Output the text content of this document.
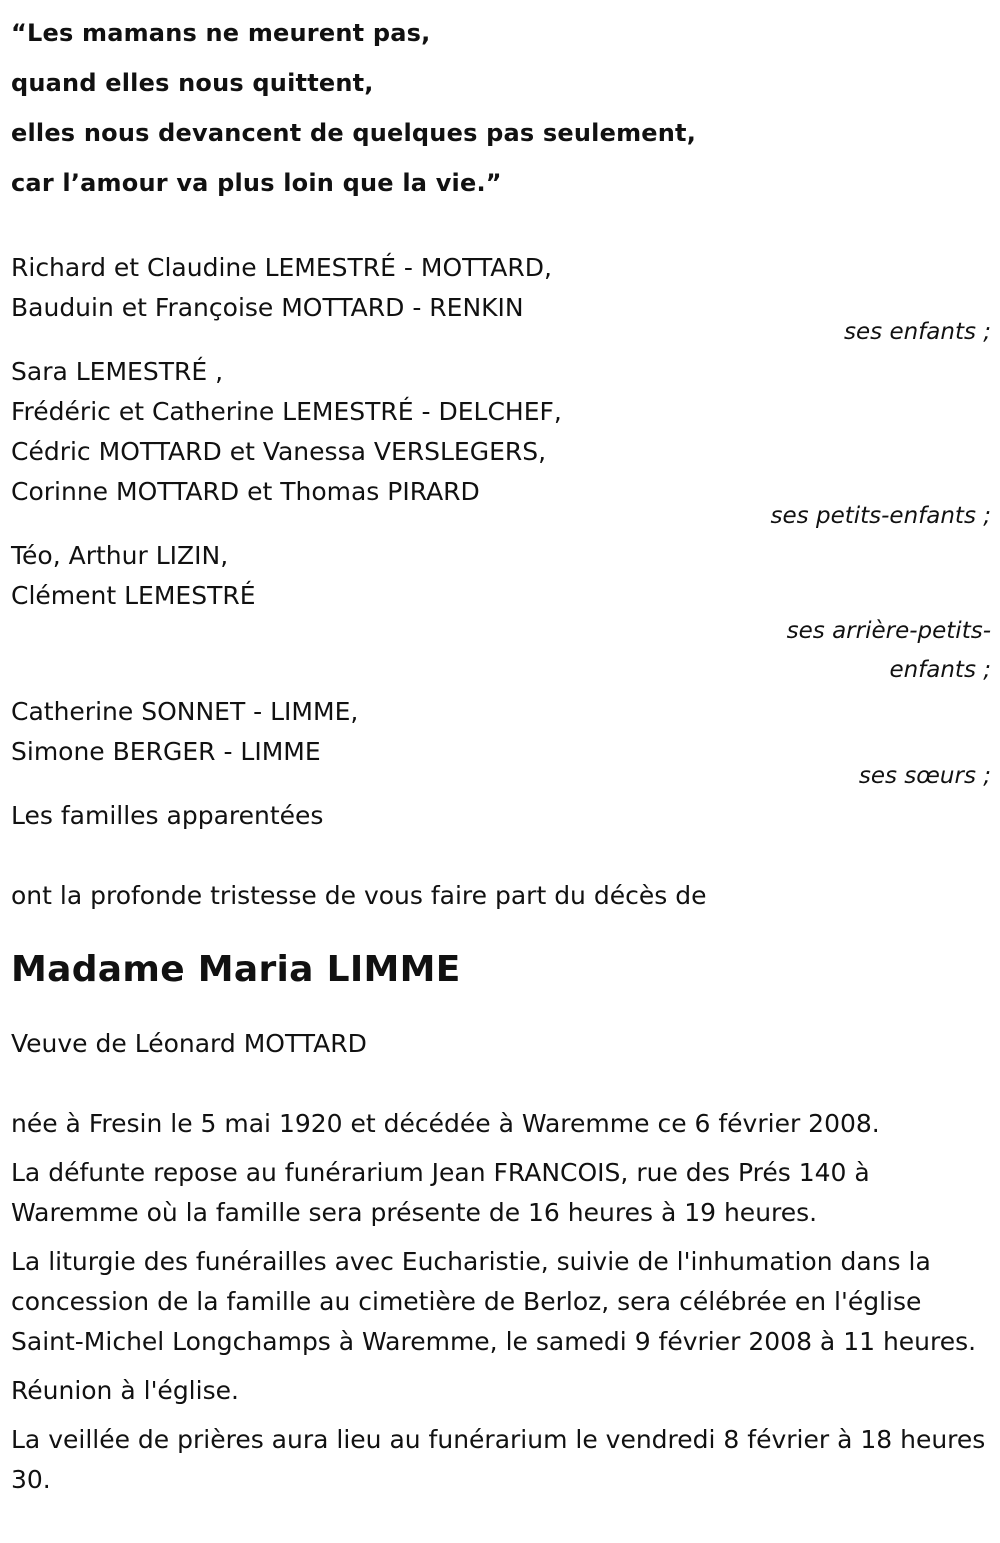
“Les mamans ne meurent pas,
quand elles nous quittent,
elles nous devancent de quelques pas seulement,
car l’amour va plus loin que la vie.”
Richard et Claudine LEMESTRÉ - MOTTARD,
Bauduin et Françoise MOTTARD - RENKIN
ses enfants ;
Sara LEMESTRÉ ,
Frédéric et Catherine LEMESTRÉ - DELCHEF,
Cédric MOTTARD et Vanessa VERSLEGERS,
Corinne MOTTARD et Thomas PIRARD
ses petits-enfants ;
Téo, Arthur LIZIN,
Clément LEMESTRÉ
ses arrière-petits-enfants ;
Catherine SONNET - LIMME,
Simone BERGER - LIMME
ses sœurs ;
Les familles apparentées
ont la profonde tristesse de vous faire part du décès de
Madame Maria LIMME
Veuve de Léonard MOTTARD
née à Fresin le 5 mai 1920 et décédée à Waremme ce 6 février 2008.
La défunte repose au funérarium Jean FRANCOIS, rue des Prés 140 à Waremme où la famille sera présente de 16 heures à 19 heures.
La liturgie des funérailles avec Eucharistie, suivie de l'inhumation dans la concession de la famille au cimetière de Berloz, sera célébrée en l'église Saint-Michel Longchamps à Waremme, le samedi 9 février 2008 à 11 heures.
Réunion à l'église.
La veillée de prières aura lieu au funérarium le vendredi 8 février à 18 heures 30.
